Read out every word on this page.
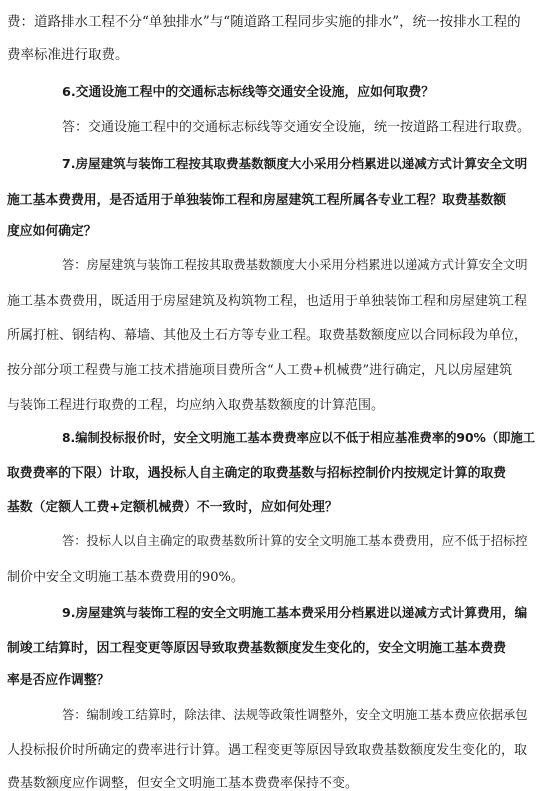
费：道路排水工程不分“单独排水”与“随道路工程同步实施的排水”，统一按排水工程的
费率标准进行取费。
6.交通设施工程中的交通标志标线等交通安全设施，应如何取费？
答：交通设施工程中的交通标志标线等交通安全设施，统一按道路工程进行取费。
7.房屋建筑与装饰工程按其取费基数额度大小采用分档累进以递减方式计算安全文明
施工基本费费用，是否适用于单独装饰工程和房屋建筑工程所属各专业工程？取费基数额
度应如何确定？
答：房屋建筑与装饰工程按其取费基数额度大小采用分档累进以递减方式计算安全文明
施工基本费费用，既适用于房屋建筑及构筑物工程，也适用于单独装饰工程和房屋建筑工程
所属打桩、钢结构、幕墙、其他及土石方等专业工程。取费基数额度应以合同标段为单位，
按分部分项工程费与施工技术措施项目费所含“人工费+机械费”进行确定，凡以房屋建筑
与装饰工程进行取费的工程，均应纳入取费基数额度的计算范围。
8.编制投标报价时，安全文明施工基本费费率应以不低于相应基准费率的90%（即施工
取费费率的下限）计取，遇投标人自主确定的取费基数与招标控制价内按规定计算的取费
基数（定额人工费+定额机械费）不一致时，应如何处理？
答：投标人以自主确定的取费基数所计算的安全文明施工基本费费用，应不低于招标控
制价中安全文明施工基本费费用的90%。
9.房屋建筑与装饰工程的安全文明施工基本费采用分档累进以递减方式计算费用，编
制竣工结算时，因工程变更等原因导致取费基数额度发生变化的，安全文明施工基本费费
率是否应作调整？
答：编制竣工结算时，除法律、法规等政策性调整外，安全文明施工基本费应依据承包
人投标报价时所确定的费率进行计算。遇工程变更等原因导致取费基数额度发生变化的，取
费基数额度应作调整，但安全文明施工基本费费率保持不变。
